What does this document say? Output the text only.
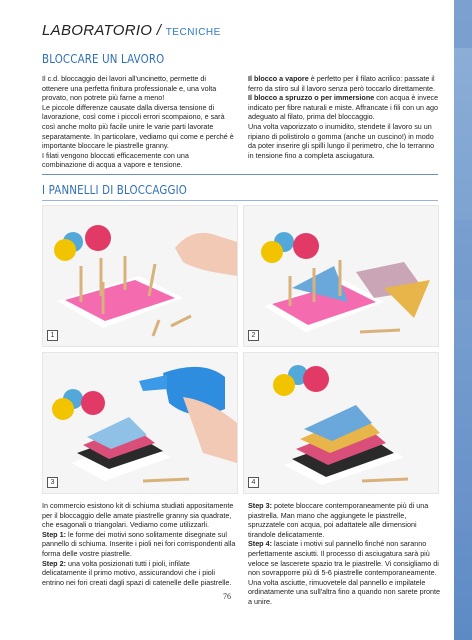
LABORATORIO / TECNICHE
BLOCCARE UN LAVORO

Il c.d. bloccaggio dei lavori all'uncinetto, permette di ottenere una perfetta finitura professionale e, una volta provato, non potrete più farne a meno!

Le piccole differenze causate dalla diversa tensione di lavorazione, così come i piccoli errori scompaiono, e sarà così anche molto più facile unire le varie parti lavorate separatamente. In particolare, vediamo qui come e perché è importante bloccare le piastrelle granny.

I filati vengono bloccati efficacemente con una combinazione di acqua a vapore e tensione.

Il blocco a vapore è perfetto per il filato acrilico: passate il ferro da stiro sul il lavoro senza però toccarlo direttamente.

Il blocco a spruzzo o per immersione con acqua è invece indicato per fibre naturali e miste. Affrancate i fili con un ago adeguato al filato, prima del bloccaggio.

Una volta vaporizzato o inumidito, stendete il lavoro su un ripiano di polistirolo o gomma (anche un cuscino!) in modo da poter inserire gli spilli lungo il perimetro, che lo terranno in tensione fino a completa asciugatura.

I PANNELLI DI BLOCCAGGIO
1	2
3	4

In commercio esistono kit di schiuma studiati appositamente per il bloccaggio delle amate piastrelle granny sia quadrate, che esagonali o triangolari. Vediamo come utilizzarli.

Step 1: le forme dei motivi sono solitamente disegnate sul pannello di schiuma. Inserite i pioli nei fori corrispondenti alla forma delle vostre piastrelle.

Step 2: una volta posizionati tutti i pioli, infilate delicatamente il primo motivo, assicurandovi che i pioli entrino nei fori creati dagli spazi di catenelle delle piastrelle.

Step 3: potete bloccare contemporaneamente più di una piastrella. Man mano che aggiungete le piastrelle, spruzzatele con acqua, poi adattatele alle dimensioni tirandole delicatamente.

Step 4: lasciate i motivi sul pannello finché non saranno perfettamente asciutti. Il processo di asciugatura sarà più veloce se lascerete spazio tra le piastrelle. Vi consigliamo di non sovrapporre più di 5-6 piastrelle contemporaneamente. Una volta asciutte, rimuovetele dal pannello e impilatele ordinatamente una sull'altra fino a quando non sarete pronte a unire.

76
